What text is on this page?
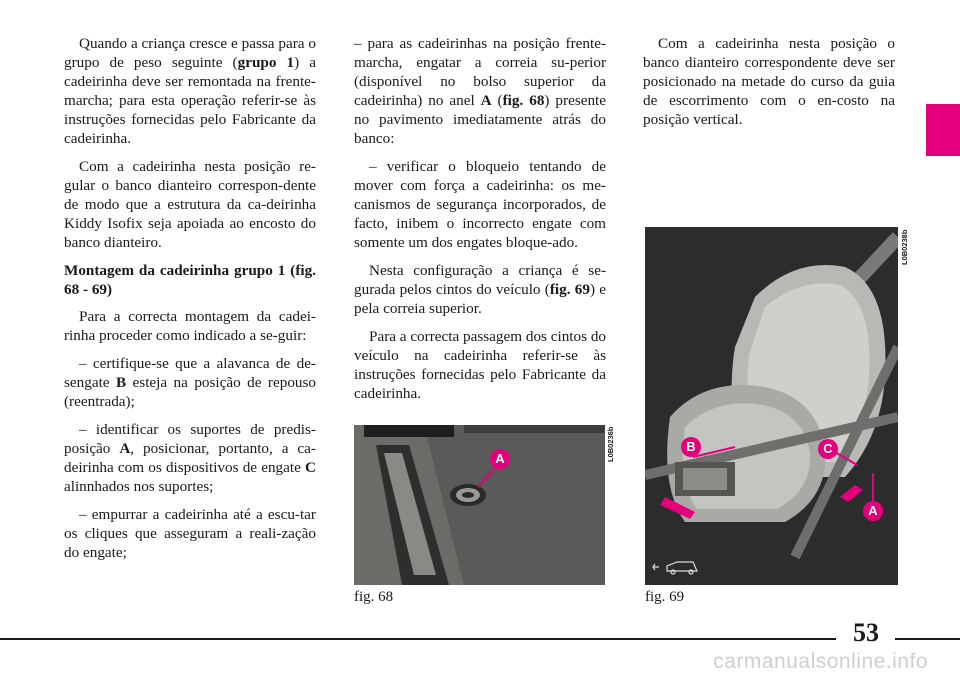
Quando a criança cresce e passa para o grupo de peso seguinte (grupo 1) a cadeirinha deve ser remontada na frente-marcha; para esta operação referir-se às instruções fornecidas pelo Fabricante da cadeirinha.

Com a cadeirinha nesta posição re-gular o banco dianteiro correspon-dente de modo que a estrutura da ca-deirinha Kiddy Isofix seja apoiada ao encosto do banco dianteiro.

Montagem da cadeirinha grupo 1 (fig. 68 - 69)

Para a correcta montagem da cadei-rinha proceder como indicado a se-guir:

– certifique-se que a alavanca de de-sengate B esteja na posição de repouso (reentrada);

– identificar os suportes de predis-posição A, posicionar, portanto, a ca-deirinha com os dispositivos de engate C alinnhados nos suportes;

– empurrar a cadeirinha até a escu-tar os cliques que asseguram a reali-zação do engate;

– para as cadeirinhas na posição frente-marcha, engatar a correia su-perior (disponível no bolso superior da cadeirinha) no anel A (fig. 68) presente no pavimento imediatamente atrás do banco:

– verificar o bloqueio tentando de mover com força a cadeirinha: os me-canismos de segurança incorporados, de facto, inibem o incorrecto engate com somente um dos engates bloque-ado.

Nesta configuração a criança é se-gurada pelos cintos do veículo (fig. 69) e pela correia superior.

Para a correcta passagem dos cintos do veículo na cadeirinha referir-se às instruções fornecidas pelo Fabricante da cadeirinha.

Com a cadeirinha nesta posição o banco dianteiro correspondente deve ser posicionado na metade do curso da guia de escorrimento com o en-costo na posição vertical.

A	L0B0236b
fig. 68
B	C
A
L0B0238b
fig. 69
53
carmanualsonline.info
